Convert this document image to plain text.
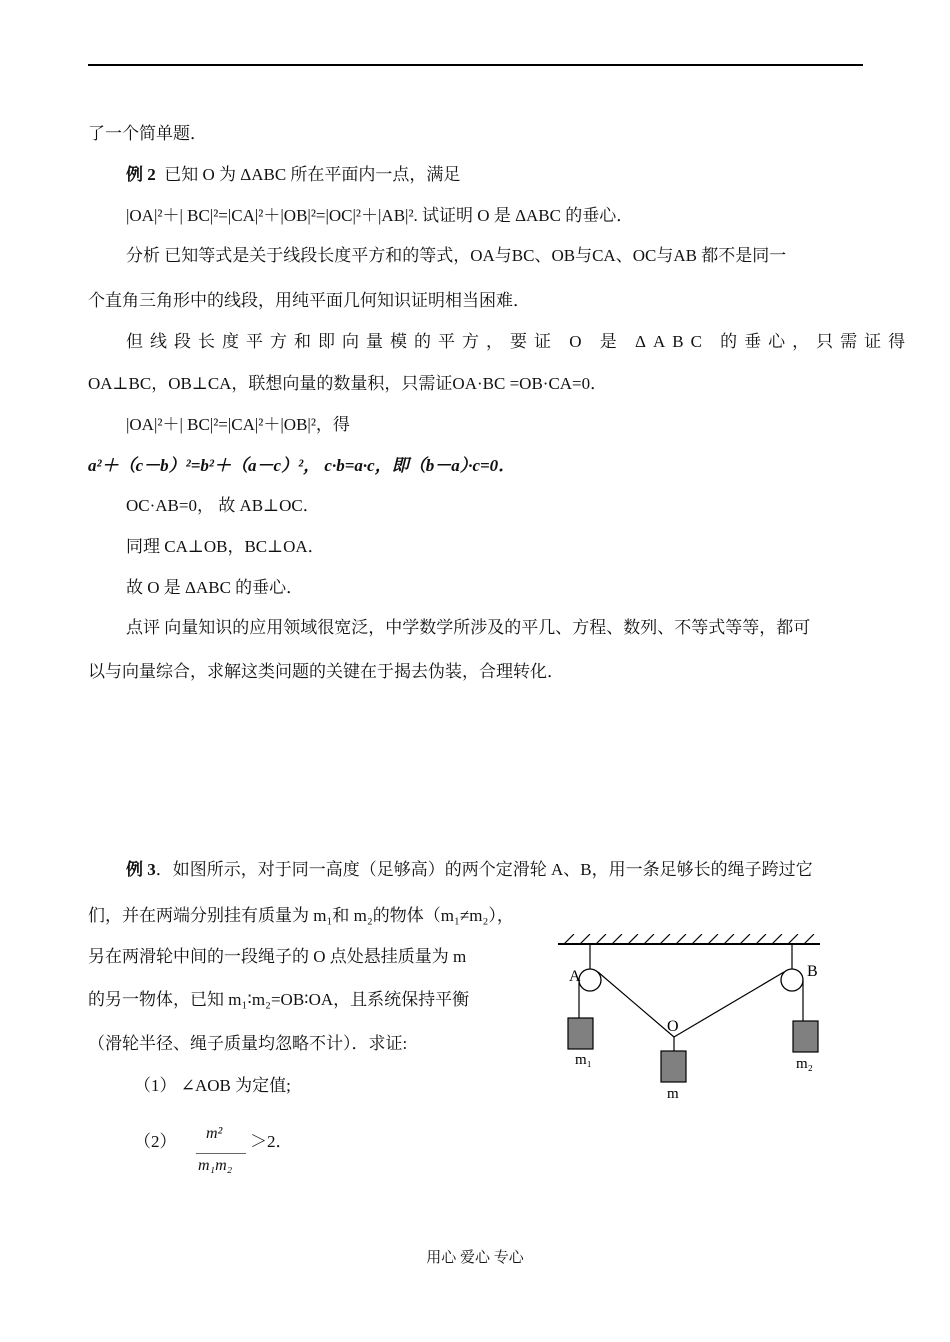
了一个简单题．
例 2 已知 O 为 ΔABC 所在平面内一点，满足
|OA|²＋| BC|²=|CA|²＋|OB|²=|OC|²＋|AB|². 试证明 O 是 ΔABC 的垂心．
分析 已知等式是关于线段长度平方和的等式，OA与BC、OB与CA、OC与AB 都不是同一
个直角三角形中的线段，用纯平面几何知识证明相当困难．
但线段长度平方和即向量模的平方，要证 O 是 ΔABC 的垂心，只需证得
OA⊥BC，OB⊥CA，联想向量的数量积，只需证OA·BC =OB·CA=0．
|OA|²＋| BC|²=|CA|²＋|OB|²，得
a²＋（c－b）²=b²＋（a－c）²， c·b=a·c，即（b－a）·c=0．
OC·AB=0， 故 AB⊥OC．
同理 CA⊥OB，BC⊥OA．
故 O 是 ΔABC 的垂心．
点评 向量知识的应用领域很宽泛，中学数学所涉及的平几、方程、数列、不等式等等，都可
以与向量综合，求解这类问题的关键在于揭去伪装，合理转化．
例 3．如图所示，对于同一高度（足够高）的两个定滑轮 A、B，用一条足够长的绳子跨过它
们，并在两端分别挂有质量为 m₁和 m₂的物体（m₁≠m₂），
另在两滑轮中间的一段绳子的 O 点处悬挂质量为 m
的另一物体，已知 m₁∶m₂=OB∶OA，且系统保持平衡
（滑轮半径、绳子质量均忽略不计）．求证:
（1） ∠AOB 为定值;
（2） m²
m₁m₂
＞2．
A	B
O
m₁	m₂
m
用心 爱心 专心
